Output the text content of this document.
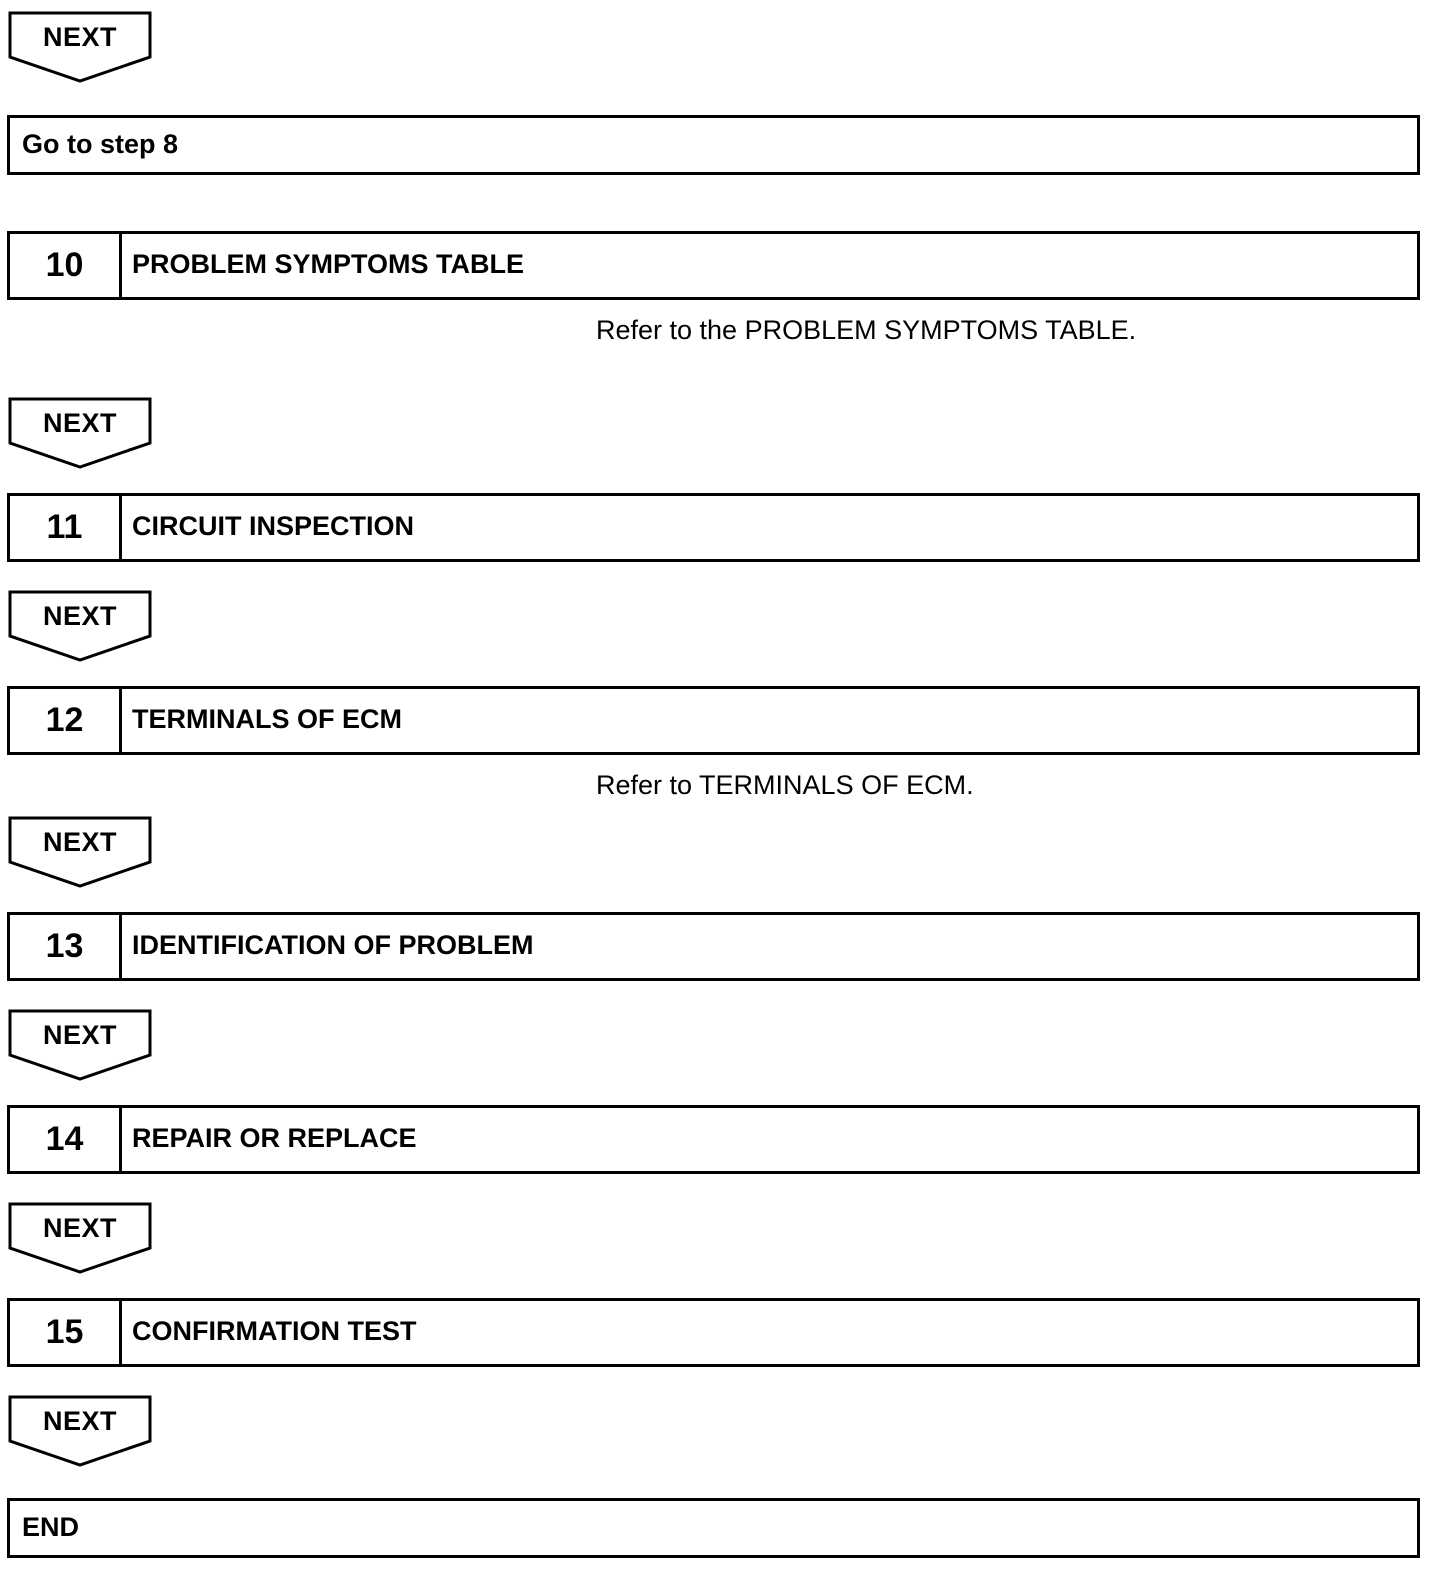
NEXT
Go to step 8
10	PROBLEM SYMPTOMS TABLE
Refer to the PROBLEM SYMPTOMS TABLE.
NEXT
11	CIRCUIT INSPECTION
NEXT
12	TERMINALS OF ECM
Refer to TERMINALS OF ECM.
NEXT
13	IDENTIFICATION OF PROBLEM
NEXT
14	REPAIR OR REPLACE
NEXT
15	CONFIRMATION TEST
NEXT
END
